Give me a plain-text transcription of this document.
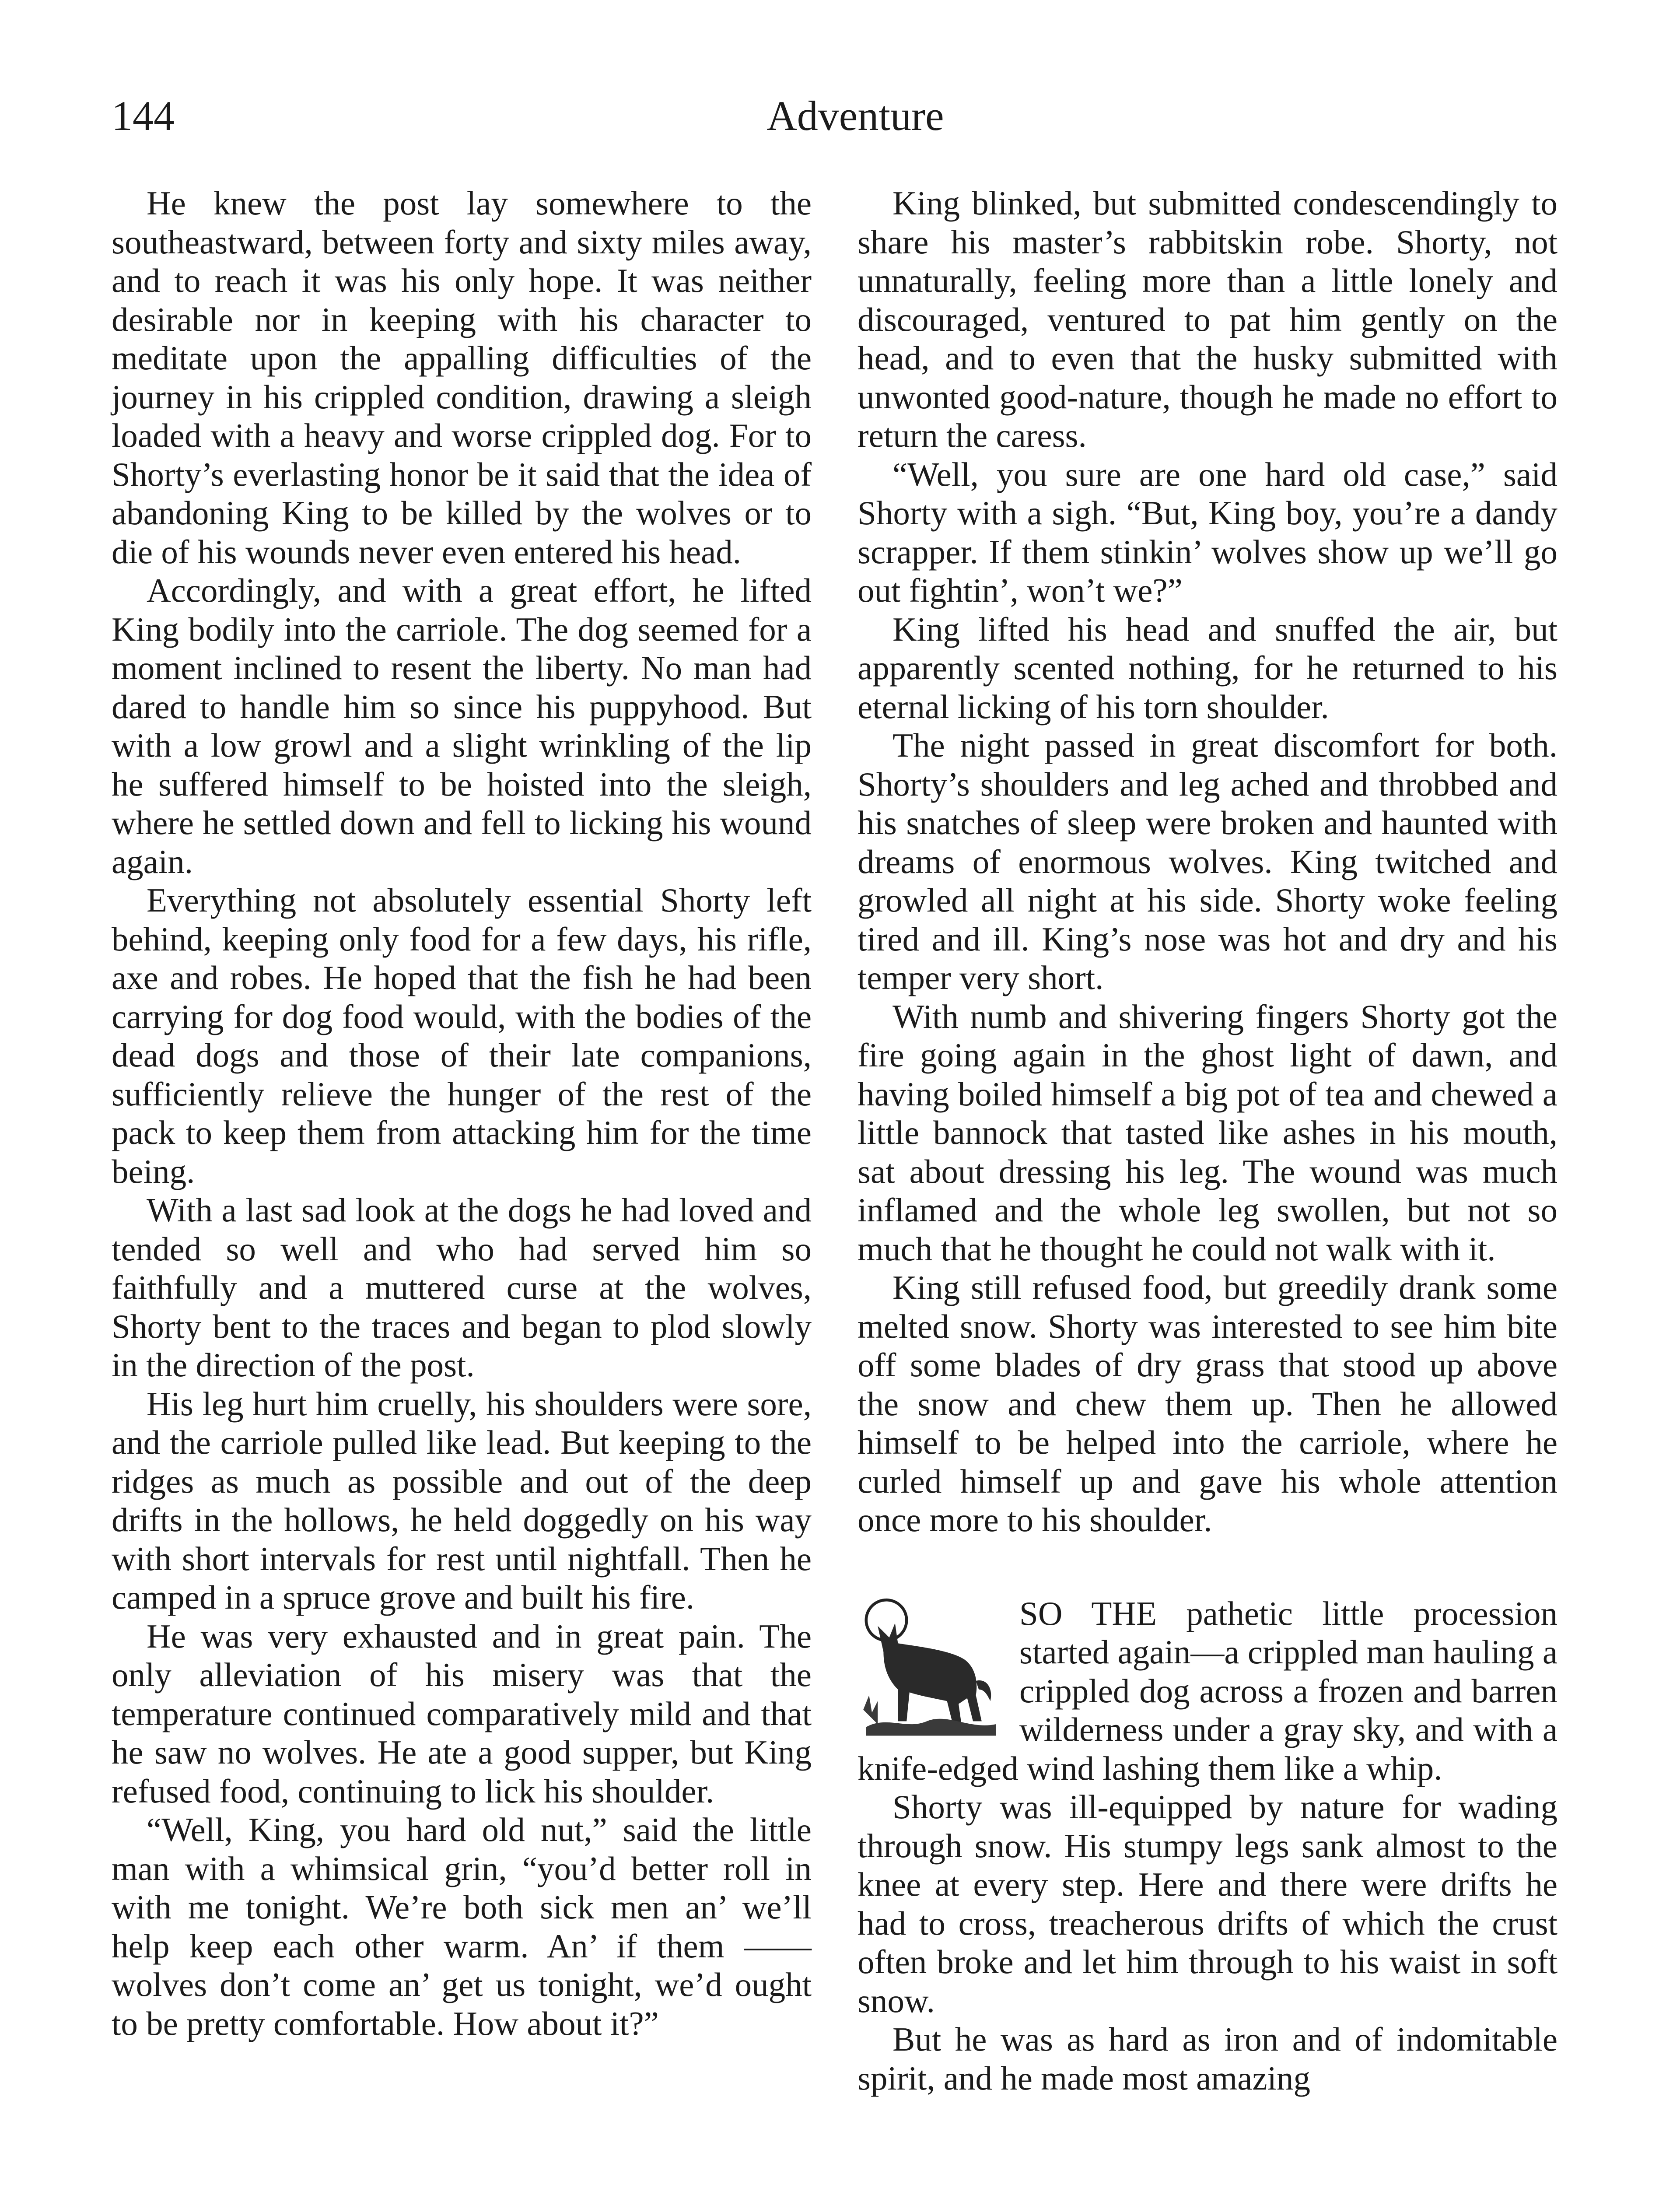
144	Adventure

He knew the post lay somewhere to the southeastward, between forty and sixty miles away, and to reach it was his only hope. It was neither desirable nor in keeping with his character to meditate upon the appalling difficulties of the journey in his crippled condition, drawing a sleigh loaded with a heavy and worse crippled dog. For to Shorty’s everlasting honor be it said that the idea of abandoning King to be killed by the wolves or to die of his wounds never even entered his head.

Accordingly, and with a great effort, he lifted King bodily into the carriole. The dog seemed for a moment inclined to resent the liberty. No man had dared to handle him so since his puppyhood. But with a low growl and a slight wrinkling of the lip he suffered himself to be hoisted into the sleigh, where he settled down and fell to licking his wound again.

Everything not absolutely essential Shorty left behind, keeping only food for a few days, his rifle, axe and robes. He hoped that the fish he had been carrying for dog food would, with the bodies of the dead dogs and those of their late companions, sufficiently relieve the hunger of the rest of the pack to keep them from attacking him for the time being.

With a last sad look at the dogs he had loved and tended so well and who had served him so faithfully and a muttered curse at the wolves, Shorty bent to the traces and began to plod slowly in the direction of the post.

His leg hurt him cruelly, his shoulders were sore, and the carriole pulled like lead. But keeping to the ridges as much as possible and out of the deep drifts in the hollows, he held doggedly on his way with short intervals for rest until nightfall. Then he camped in a spruce grove and built his fire.

He was very exhausted and in great pain. The only alleviation of his misery was that the temperature continued comparatively mild and that he saw no wolves. He ate a good supper, but King refused food, continuing to lick his shoulder.

“Well, King, you hard old nut,” said the little man with a whimsical grin, “you’d better roll in with me tonight. We’re both sick men an’ we’ll help keep each other warm. An’ if them —— wolves don’t come an’ get us tonight, we’d ought to be pretty comfortable. How about it?”

King blinked, but submitted condescendingly to share his master’s rabbitskin robe. Shorty, not unnaturally, feeling more than a little lonely and discouraged, ventured to pat him gently on the head, and to even that the husky submitted with unwonted good-nature, though he made no effort to return the caress.

“Well, you sure are one hard old case,” said Shorty with a sigh. “But, King boy, you’re a dandy scrapper. If them stinkin’ wolves show up we’ll go out fightin’, won’t we?”

King lifted his head and snuffed the air, but apparently scented nothing, for he returned to his eternal licking of his torn shoulder.

The night passed in great discomfort for both. Shorty’s shoulders and leg ached and throbbed and his snatches of sleep were broken and haunted with dreams of enormous wolves. King twitched and growled all night at his side. Shorty woke feeling tired and ill. King’s nose was hot and dry and his temper very short.

With numb and shivering fingers Shorty got the fire going again in the ghost light of dawn, and having boiled himself a big pot of tea and chewed a little bannock that tasted like ashes in his mouth, sat about dressing his leg. The wound was much inflamed and the whole leg swollen, but not so much that he thought he could not walk with it.

King still refused food, but greedily drank some melted snow. Shorty was interested to see him bite off some blades of dry grass that stood up above the snow and chew them up. Then he allowed himself to be helped into the carriole, where he curled himself up and gave his whole attention once more to his shoulder.

SO THE pathetic little procession started again—a crippled man hauling a crippled dog across a frozen and barren wilderness under a gray sky, and with a knife-edged wind lashing them like a whip.

Shorty was ill-equipped by nature for wading through snow. His stumpy legs sank almost to the knee at every step. Here and there were drifts he had to cross, treacherous drifts of which the crust often broke and let him through to his waist in soft snow.

But he was as hard as iron and of indomitable spirit, and he made most amazing
